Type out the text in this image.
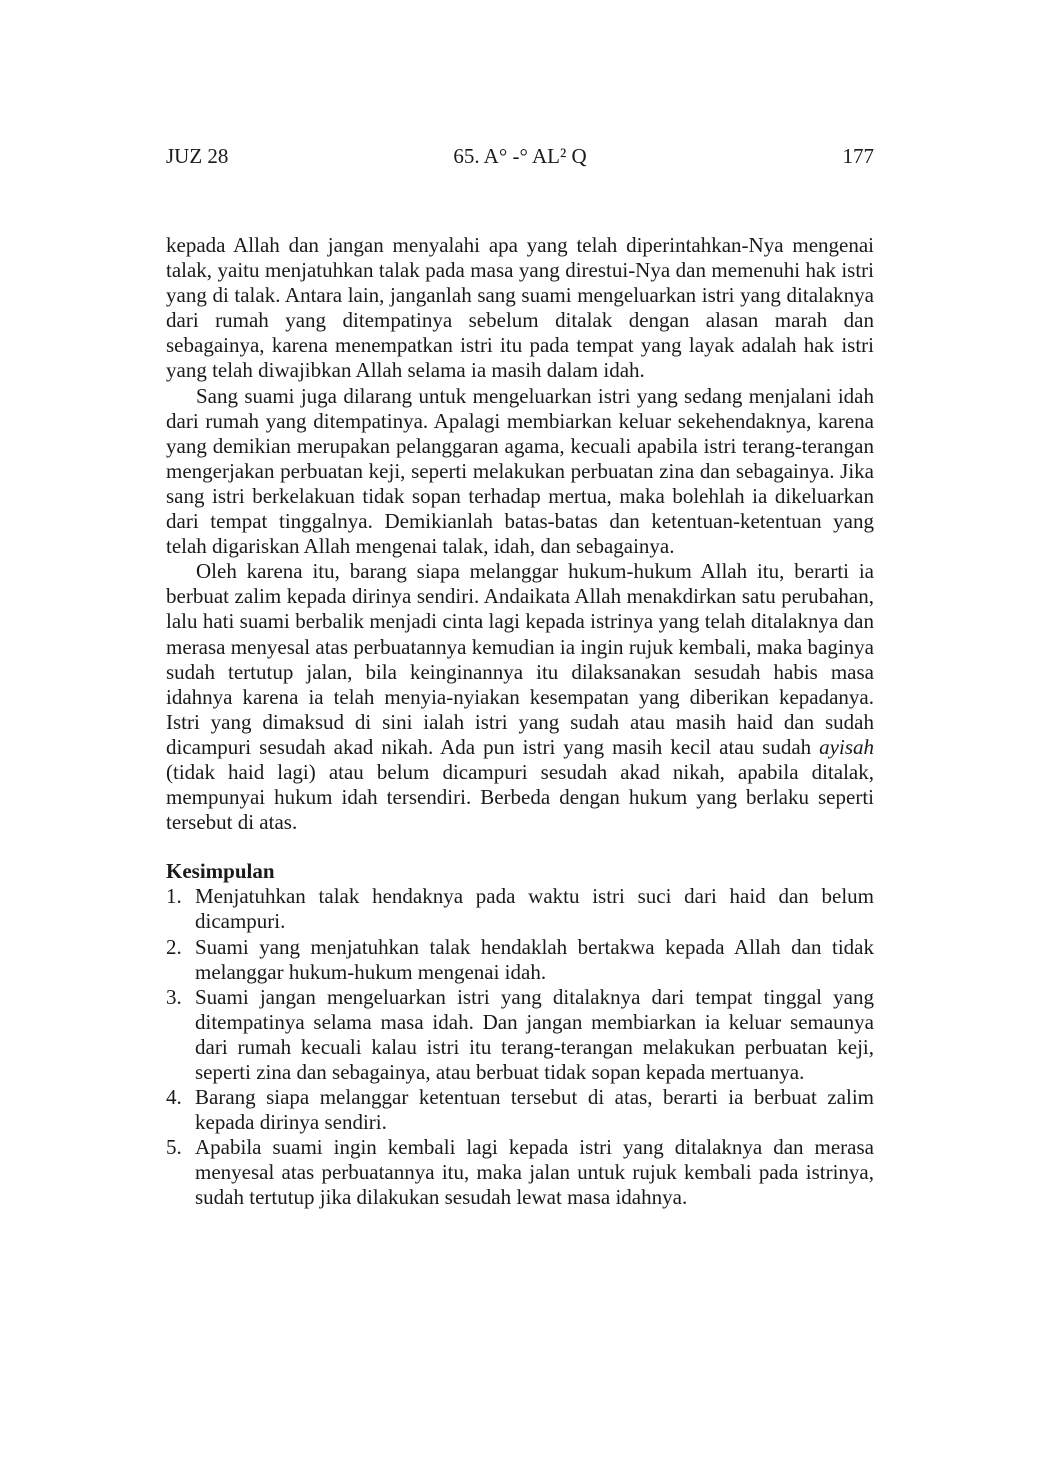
JUZ 28	65. A° -° AL² Q	177

kepada Allah dan jangan menyalahi apa yang telah diperintahkan-Nya mengenai talak, yaitu menjatuhkan talak pada masa yang direstui-Nya dan memenuhi hak istri yang di talak. Antara lain, janganlah sang suami mengeluarkan istri yang ditalaknya dari rumah yang ditempatinya sebelum ditalak dengan alasan marah dan sebagainya, karena menempatkan istri itu pada tempat yang layak adalah hak istri yang telah diwajibkan Allah selama ia masih dalam idah.

Sang suami juga dilarang untuk mengeluarkan istri yang sedang menjalani idah dari rumah yang ditempatinya. Apalagi membiarkan keluar sekehendaknya, karena yang demikian merupakan pelanggaran agama, kecuali apabila istri terang-terangan mengerjakan perbuatan keji, seperti melakukan perbuatan zina dan sebagainya. Jika sang istri berkelakuan tidak sopan terhadap mertua, maka bolehlah ia dikeluarkan dari tempat tinggalnya. Demikianlah batas-batas dan ketentuan-ketentuan yang telah digariskan Allah mengenai talak, idah, dan sebagainya.

Oleh karena itu, barang siapa melanggar hukum-hukum Allah itu, berarti ia berbuat zalim kepada dirinya sendiri. Andaikata Allah menakdirkan satu perubahan, lalu hati suami berbalik menjadi cinta lagi kepada istrinya yang telah ditalaknya dan merasa menyesal atas perbuatannya kemudian ia ingin rujuk kembali, maka baginya sudah tertutup jalan, bila keinginannya itu dilaksanakan sesudah habis masa idahnya karena ia telah menyia-nyiakan kesempatan yang diberikan kepadanya. Istri yang dimaksud di sini ialah istri yang sudah atau masih haid dan sudah dicampuri sesudah akad nikah. Ada pun istri yang masih kecil atau sudah ayisah (tidak haid lagi) atau belum dicampuri sesudah akad nikah, apabila ditalak, mempunyai hukum idah tersendiri. Berbeda dengan hukum yang berlaku seperti tersebut di atas.

Kesimpulan
1. Menjatuhkan talak hendaknya pada waktu istri suci dari haid dan belum dicampuri.
2. Suami yang menjatuhkan talak hendaklah bertakwa kepada Allah dan tidak melanggar hukum-hukum mengenai idah.
3. Suami jangan mengeluarkan istri yang ditalaknya dari tempat tinggal yang ditempatinya selama masa idah. Dan jangan membiarkan ia keluar semaunya dari rumah kecuali kalau istri itu terang-terangan melakukan perbuatan keji, seperti zina dan sebagainya, atau berbuat tidak sopan kepada mertuanya.
4. Barang siapa melanggar ketentuan tersebut di atas, berarti ia berbuat zalim kepada dirinya sendiri.
5. Apabila suami ingin kembali lagi kepada istri yang ditalaknya dan merasa menyesal atas perbuatannya itu, maka jalan untuk rujuk kembali pada istrinya, sudah tertutup jika dilakukan sesudah lewat masa idahnya.
